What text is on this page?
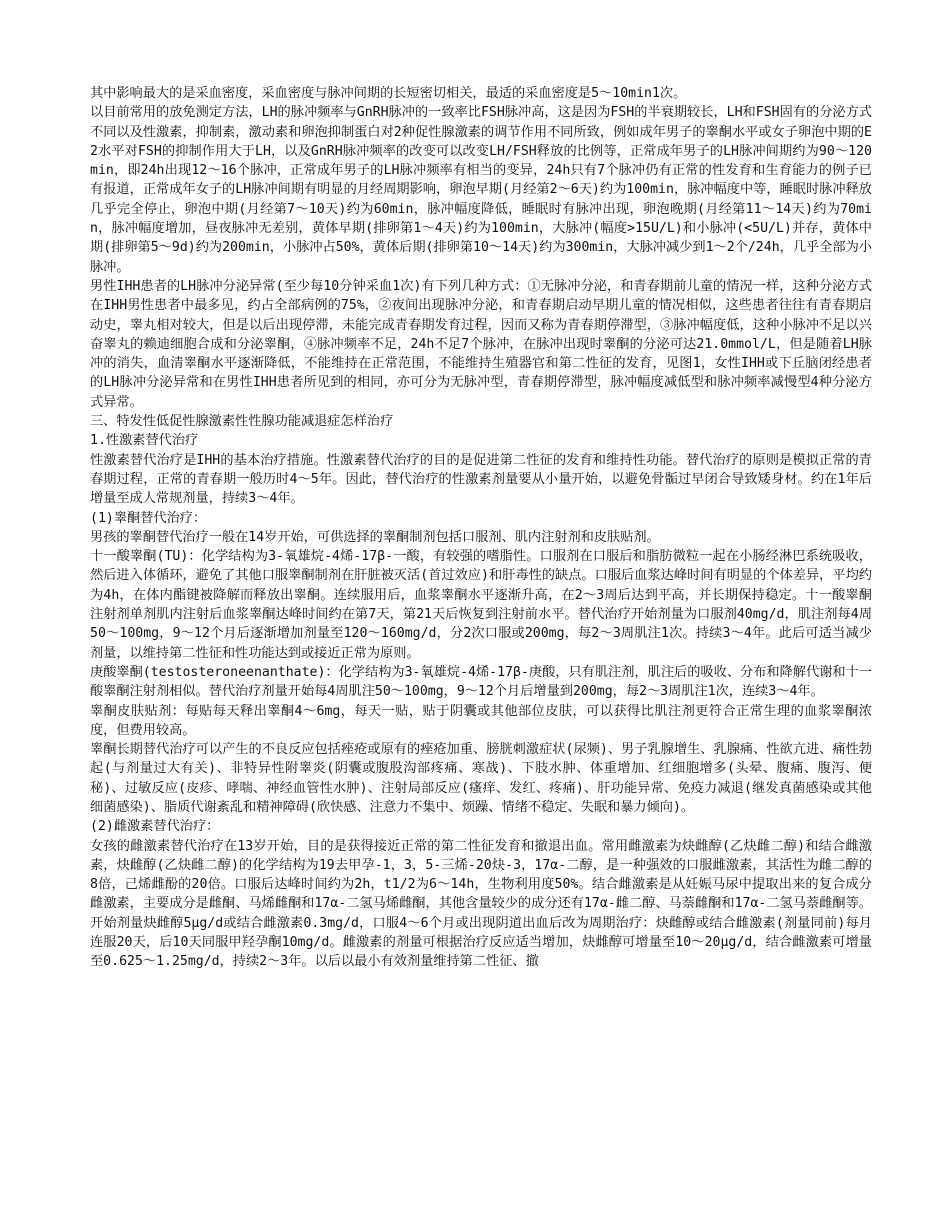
其中影响最大的是采血密度，采血密度与脉冲间期的长短密切相关，最适的采血密度是5～10min1次。

以目前常用的放免测定方法，LH的脉冲频率与GnRH脉冲的一致率比FSH脉冲高，这是因为FSH的半衰期较长，LH和FSH固有的分泌方式不同以及性激素，抑制素，激动素和卵泡抑制蛋白对2种促性腺激素的调节作用不同所致，例如成年男子的睾酮水平或女子卵泡中期的E2水平对FSH的抑制作用大于LH，以及GnRH脉冲频率的改变可以改变LH/FSH释放的比例等，正常成年男子的LH脉冲间期约为90～120min，即24h出现12～16个脉冲，正常成年男子的LH脉冲频率有相当的变异，24h只有7个脉冲仍有正常的性发育和生育能力的例子已有报道，正常成年女子的LH脉冲间期有明显的月经周期影响，卵泡早期(月经第2～6天)约为100min，脉冲幅度中等，睡眠时脉冲释放几乎完全停止，卵泡中期(月经第7～10天)约为60min，脉冲幅度降低，睡眠时有脉冲出现，卵泡晚期(月经第11～14天)约为70min，脉冲幅度增加，昼夜脉冲无差别，黄体早期(排卵第1～4天)约为100min，大脉冲(幅度>15U/L)和小脉冲(<5U/L)并存，黄体中期(排卵第5～9d)约为200min，小脉冲占50%，黄体后期(排卵第10～14天)约为300min，大脉冲减少到1～2个/24h，几乎全部为小脉冲。

男性IHH患者的LH脉冲分泌异常(至少每10分钟采血1次)有下列几种方式：①无脉冲分泌，和青春期前儿童的情况一样，这种分泌方式在IHH男性患者中最多见，约占全部病例的75%，②夜间出现脉冲分泌，和青春期启动早期儿童的情况相似，这些患者往往有青春期启动史，睾丸相对较大，但是以后出现停滞，未能完成青春期发育过程，因而又称为青春期停滞型，③脉冲幅度低，这种小脉冲不足以兴奋睾丸的赖迪细胞合成和分泌睾酮，④脉冲频率不足，24h不足7个脉冲，在脉冲出现时睾酮的分泌可达21.0mmol/L，但是随着LH脉冲的消失，血清睾酮水平逐渐降低，不能维持在正常范围，不能维持生殖器官和第二性征的发育，见图1，女性IHH或下丘脑闭经患者的LH脉冲分泌异常和在男性IHH患者所见到的相同，亦可分为无脉冲型，青春期停滞型，脉冲幅度减低型和脉冲频率减慢型4种分泌方式异常。

三、特发性低促性腺激素性性腺功能减退症怎样治疗

1.性激素替代治疗

性激素替代治疗是IHH的基本治疗措施。性激素替代治疗的目的是促进第二性征的发育和维持性功能。替代治疗的原则是模拟正常的青春期过程，正常的青春期一般历时4～5年。因此，替代治疗的性激素剂量要从小量开始，以避免骨骺过早闭合导致矮身材。约在1年后增量至成人常规剂量，持续3～4年。

(1)睾酮替代治疗：

男孩的睾酮替代治疗一般在14岁开始，可供选择的睾酮制剂包括口服剂、肌内注射剂和皮肤贴剂。

十一酸睾酮(TU)：化学结构为3-氧雄烷-4烯-17β-一酸，有较强的嗜脂性。口服剂在口服后和脂肪微粒一起在小肠经淋巴系统吸收，然后进入体循环，避免了其他口服睾酮制剂在肝脏被灭活(首过效应)和肝毒性的缺点。口服后血浆达峰时间有明显的个体差异，平均约为4h，在体内酯键被降解而释放出睾酮。连续服用后，血浆睾酮水平逐渐升高，在2～3周后达到平高，并长期保持稳定。十一酸睾酮注射剂单剂肌内注射后血浆睾酮达峰时间约在第7天，第21天后恢复到注射前水平。替代治疗开始剂量为口服剂40mg/d，肌注剂每4周50～100mg，9～12个月后逐渐增加剂量至120～160mg/d，分2次口服或200mg，每2～3周肌注1次。持续3～4年。此后可适当减少剂量，以维持第二性征和性功能达到或接近正常为原则。

庚酸睾酮(testosteroneenanthate)：化学结构为3-氧雄烷-4烯-17β-庚酸，只有肌注剂，肌注后的吸收、分布和降解代谢和十一酸睾酮注射剂相似。替代治疗剂量开始每4周肌注50～100mg，9～12个月后增量到200mg，每2～3周肌注1次，连续3～4年。

睾酮皮肤贴剂：每贴每天释出睾酮4～6mg，每天一贴，贴于阴囊或其他部位皮肤，可以获得比肌注剂更符合正常生理的血浆睾酮浓度，但费用较高。

睾酮长期替代治疗可以产生的不良反应包括痤疮或原有的痤疮加重、膀胱刺激症状(尿频)、男子乳腺增生、乳腺痛、性欲亢进、痛性勃起(与剂量过大有关)、非特异性附睾炎(阴囊或腹股沟部疼痛、寒战)、下肢水肿、体重增加、红细胞增多(头晕、腹痛、腹泻、便秘)、过敏反应(皮疹、哮喘、神经血管性水肿)、注射局部反应(瘙痒、发红、疼痛)、肝功能异常、免疫力减退(继发真菌感染或其他细菌感染)、脂质代谢紊乱和精神障碍(欣快感、注意力不集中、烦躁、情绪不稳定、失眠和暴力倾向)。

(2)雌激素替代治疗：

女孩的雌激素替代治疗在13岁开始，目的是获得接近正常的第二性征发育和撤退出血。常用雌激素为炔雌醇(乙炔雌二醇)和结合雌激素，炔雌醇(乙炔雌二醇)的化学结构为19去甲孕-1，3，5-三烯-20炔-3，17α-二醇，是一种强效的口服雌激素，其活性为雌二醇的8倍，己烯雌酚的20倍。口服后达峰时间约为2h，t1/2为6～14h，生物利用度50%。结合雌激素是从妊娠马尿中提取出来的复合成分雌激素，主要成分是雌酮、马烯雌酮和17α-二氢马烯雌酮，其他含量较少的成分还有17α-雌二醇、马萘雌酮和17α-二氢马萘雌酮等。开始剂量炔雌醇5μg/d或结合雌激素0.3mg/d，口服4～6个月或出现阴道出血后改为周期治疗：炔雌醇或结合雌激素(剂量同前)每月连服20天，后10天同服甲羟孕酮10mg/d。雌激素的剂量可根据治疗反应适当增加，炔雌醇可增量至10～20μg/d，结合雌激素可增量至0.625～1.25mg/d，持续2～3年。以后以最小有效剂量维持第二性征、撤
